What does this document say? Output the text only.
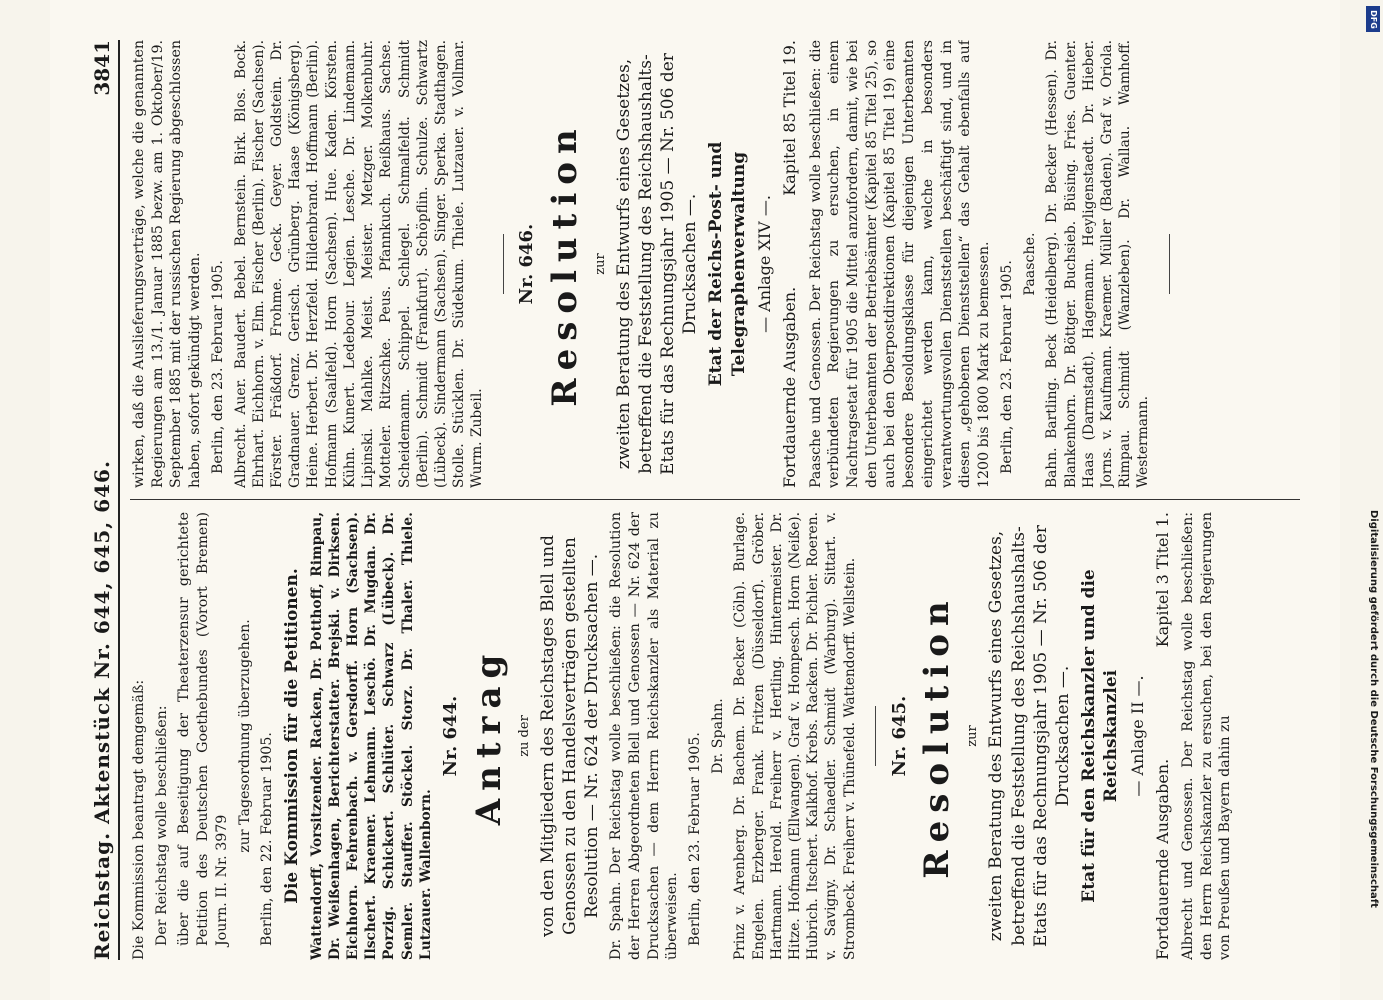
Reichstag. Aktenstück Nr. 644, 645, 646.
3841

Die Kommission beantragt demgemäß: Der Reichstag wolle beschließen: über die auf Beseitigung der Theaterzensur gerichtete Petition des Deutschen Goethebundes (Vorort Bremen) Journ. II. Nr. 3979

zur Tagesordnung überzugehen. Berlin, den 22. Februar 1905. Die Kommission für die Petitionen. Wattendorff, Vorsitzender. Racken, Dr. Potthoff, Rimpau, Dr. Weißenhagen, Berichterstatter. Brejski. v. Dirksen. Eichhorn. Fehrenbach. v. Gersdorff. Horn (Sachsen). Ilschert. Kraemer. Lehmann. Leschö. Dr. Mugdan. Dr. Porzig. Schickert. Schlüter. Schwarz (Lübeck). Dr. Semler. Stauffer. Stöckel. Storz. Dr. Thaler. Thiele. Lutzauer. Wallenborn.

Nr. 644. Antrag zu der von den Mitgliedern des Reichstages Blell und Genossen zu den Handelsverträgen gestellten Resolution — Nr. 624 der Drucksachen —. Dr. Spahn. Der Reichstag wolle beschließen: die Resolution der Herren Abgeordneten Blell und Genossen — Nr. 624 der Drucksachen — dem Herrn Reichskanzler als Material zu überweisen. Berlin, den 23. Februar 1905. Dr. Spahn. Prinz v. Arenberg. Dr. Bachem. Dr. Becker (Cöln). Burlage. Engelen. Erzberger. Frank. Fritzen (Düsseldorf). Gröber. Hartmann. Herold. Freiherr v. Hertling. Hintermeister. Dr. Hitze. Hofmann (Ellwangen). Graf v. Hompesch. Horn (Neiße). Hubrich. Itschert. Kalkhof. Krebs. Racken. Dr. Pichler. Roeren. v. Savigny. Dr. Schaedler. Schmidt (Warburg). Sittart. v. Strombeck. Freiherr v. Thünefeld. Wattendorff. Wellstein. Nr. 645. Resolution zur zweiten Beratung des Entwurfs eines Gesetzes, betreffend die Feststellung des Reichshaushalts-Etats für das Rechnungsjahr 1905 — Nr. 506 der Drucksachen —. Etat für den Reichskanzler und die Reichskanzlei — Anlage II —.

Fortdauernde Ausgaben.
Kapitel 3 Titel 1. Albrecht und Genossen. Der Reichstag wolle beschließen: den Herrn Reichskanzler zu ersuchen, bei den Regierungen von Preußen und Bayern dahin zu

wirken, daß die Auslieferungsverträge, welche die genannten Regierungen am 13./1. Januar 1885 bezw. am 1. Oktober/19. September 1885 mit der russischen Regierung abgeschlossen haben, sofort gekündigt werden. Berlin, den 23. Februar 1905. Albrecht. Auer. Baudert. Bebel. Bernstein. Birk. Blos. Bock. Ehrhart. Eichhorn. v. Elm. Fischer (Berlin). Fischer (Sachsen). Förster. Fräßdorf. Frohme. Geck. Geyer. Goldstein. Dr. Gradnauer. Grenz. Gerisch. Grünberg. Haase (Königsberg). Heine. Herbert. Dr. Herzfeld. Hildenbrand. Hoffmann (Berlin). Hofmann (Saalfeld). Horn (Sachsen). Hue. Kaden. Körsten. Kühn. Kunert. Ledebour. Legien. Lesche. Dr. Lindemann. Lipinski. Mahlke. Meist. Meister. Metzger. Molkenbuhr. Motteler. Ritzschke. Peus. Pfannkuch. Reißhaus. Sachse. Scheidemann. Schippel. Schlegel. Schmalfeldt. Schmidt (Berlin). Schmidt (Frankfurt). Schöpflin. Schulze. Schwartz (Lübeck). Sindermann (Sachsen). Singer. Sperka. Stadthagen. Stolle. Stücklen. Dr. Südekum. Thiele. Lutzauer. v. Vollmar. Wurm. Zubeil.

Nr. 646. Resolution zur zweiten Beratung des Entwurfs eines Gesetzes, betreffend die Feststellung des Reichshaushalts-Etats für das Rechnungsjahr 1905 — Nr. 506 der Drucksachen —. Etat der Reichs-Post- und Telegraphenverwaltung — Anlage XIV —.

Fortdauernde Ausgaben.
Kapitel 85 Titel 19. Paasche und Genossen. Der Reichstag wolle beschließen: die verbündeten Regierungen zu ersuchen, in einem Nachtragsetat für 1905 die Mittel anzufordern, damit, wie bei den Unterbeamten der Betriebsämter (Kapitel 85 Titel 25), so auch bei den Oberpostdirektionen (Kapitel 85 Titel 19) eine besondere Besoldungsklasse für diejenigen Unterbeamten eingerichtet werden kann, welche in besonders verantwortungsvollen Dienststellen beschäftigt sind, und in diesen „gehobenen Dienststellen“ das Gehalt ebenfalls auf 1200 bis 1800 Mark zu bemessen. Berlin, den 23. Februar 1905. Paasche. Bahn. Bartling. Beck (Heidelberg). Dr. Becker (Hessen). Dr. Blankenhorn. Dr. Böttger. Buchsieb. Büsing. Fries. Guenter. Haas (Darmstadt). Hagemann. Heyligenstaedt. Dr. Hieber. Jorns. v. Kaufmann. Kraemer. Müller (Baden). Graf v. Oriola. Rimpau. Schmidt (Wanzleben). Dr. Wallau. Wamhoff. Westermann.

DFG
Digitalisierung gefördert durch die Deutsche Forschungsgemeinschaft
